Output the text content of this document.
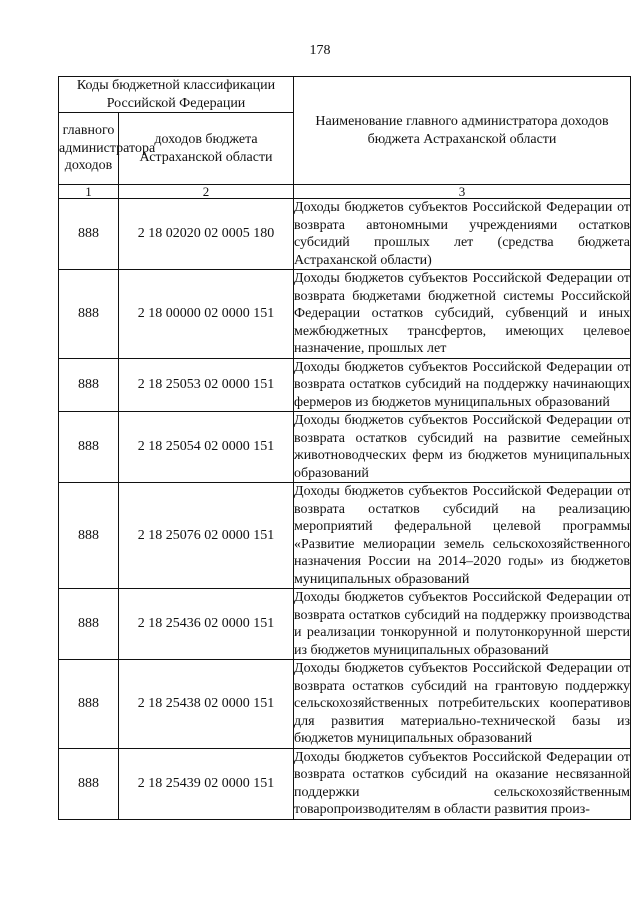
178
Коды бюджетной классификации Российской Федерации		Наименование главного администратора доходов бюджета Астраханской области
главного администратора доходов	доходов бюджета Астраханской области	
1	2	3
888	2 18 02020 02 0005 180	Доходы бюджетов субъектов Российской Федерации от возврата автономными учреждениями остатков субсидий прошлых лет (средства бюджета Астраханской области)
888	2 18 00000 02 0000 151	Доходы бюджетов субъектов Российской Федерации от возврата бюджетами бюджетной системы Российской Федерации остатков субсидий, субвенций и иных межбюджетных трансфертов, имеющих целевое назначение, прошлых лет
888	2 18 25053 02 0000 151	Доходы бюджетов субъектов Российской Федерации от возврата остатков субсидий на поддержку начинающих фермеров из бюджетов муниципальных образований
888	2 18 25054 02 0000 151	Доходы бюджетов субъектов Российской Федерации от возврата остатков субсидий на развитие семейных животноводческих ферм из бюджетов муниципальных образований
888	2 18 25076 02 0000 151	Доходы бюджетов субъектов Российской Федерации от возврата остатков субсидий на реализацию мероприятий федеральной целевой программы «Развитие мелиорации земель сельскохозяйственного назначения России на 2014–2020 годы» из бюджетов муниципальных образований
888	2 18 25436 02 0000 151	Доходы бюджетов субъектов Российской Федерации от возврата остатков субсидий на поддержку производства и реализации тонкорунной и полутонкорунной шерсти из бюджетов муниципальных образований
888	2 18 25438 02 0000 151	Доходы бюджетов субъектов Российской Федерации от возврата остатков субсидий на грантовую поддержку сельскохозяйственных потребительских кооперативов для развития материально-технической базы из бюджетов муниципальных образований
888	2 18 25439 02 0000 151	Доходы бюджетов субъектов Российской Федерации от возврата остатков субсидий на оказание несвязанной поддержки сельскохозяйственным товаропроизводителям в области развития произ-
